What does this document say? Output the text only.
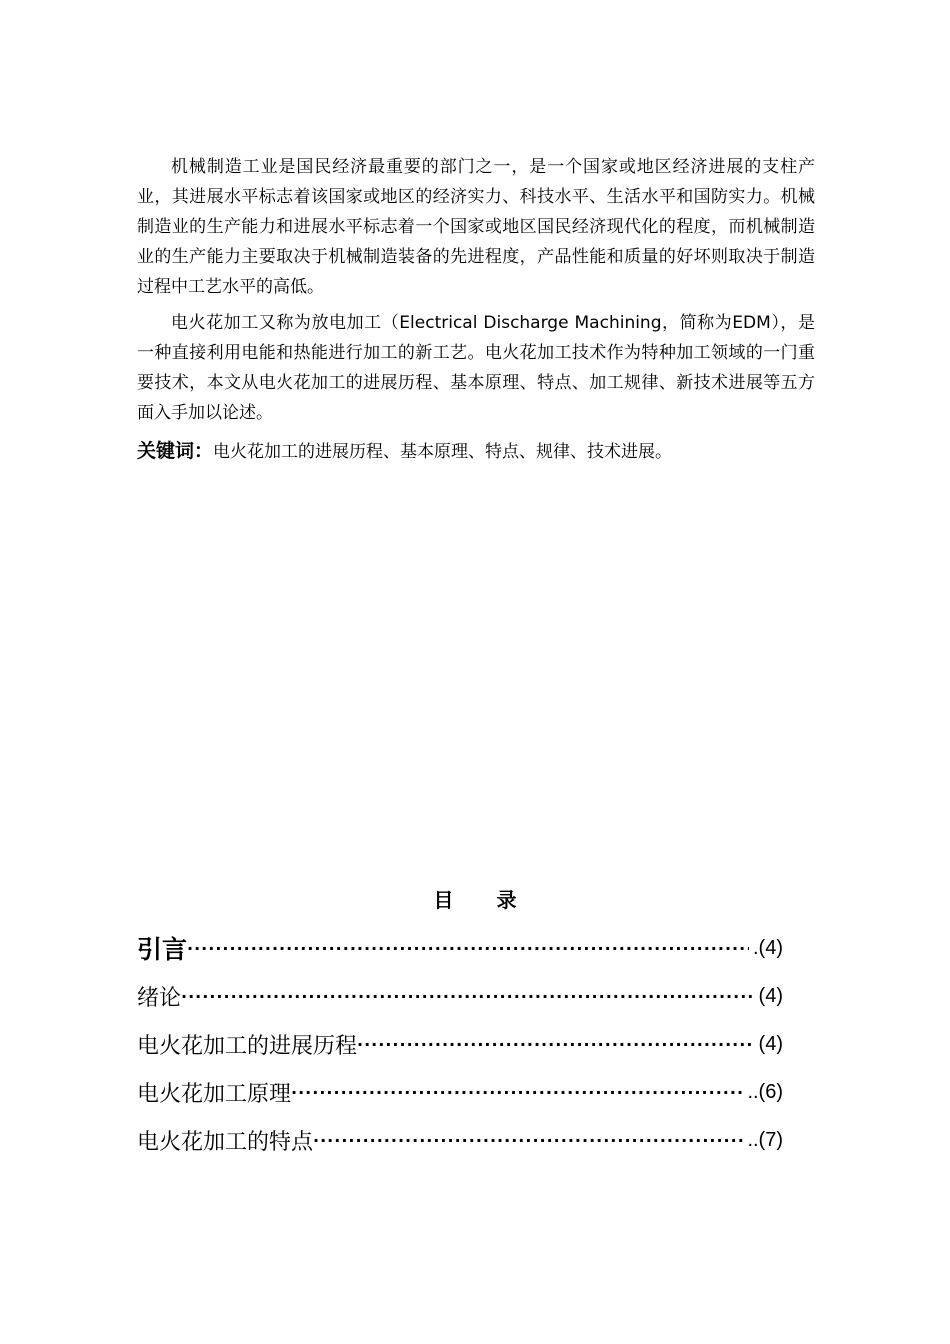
机械制造工业是国民经济最重要的部门之一，是一个国家或地区经济进展的支柱产业，其进展水平标志着该国家或地区的经济实力、科技水平、生活水平和国防实力。机械制造业的生产能力和进展水平标志着一个国家或地区国民经济现代化的程度，而机械制造业的生产能力主要取决于机械制造装备的先进程度，产品性能和质量的好坏则取决于制造过程中工艺水平的高低。

电火花加工又称为放电加工（Electrical Discharge Machining，简称为EDM），是一种直接利用电能和热能进行加工的新工艺。电火花加工技术作为特种加工领域的一门重要技术，本文从电火花加工的进展历程、基本原理、特点、加工规律、新技术进展等五方面入手加以论述。

关键词：电火花加工的进展历程、基本原理、特点、规律、技术进展。
目 录
引言 ·····	.(4)
绪论 ·····	(4)
电火花加工的进展历程 ·····	(4)
电火花加工原理 ·····	..(6)
电火花加工的特点 ·····	..(7)
